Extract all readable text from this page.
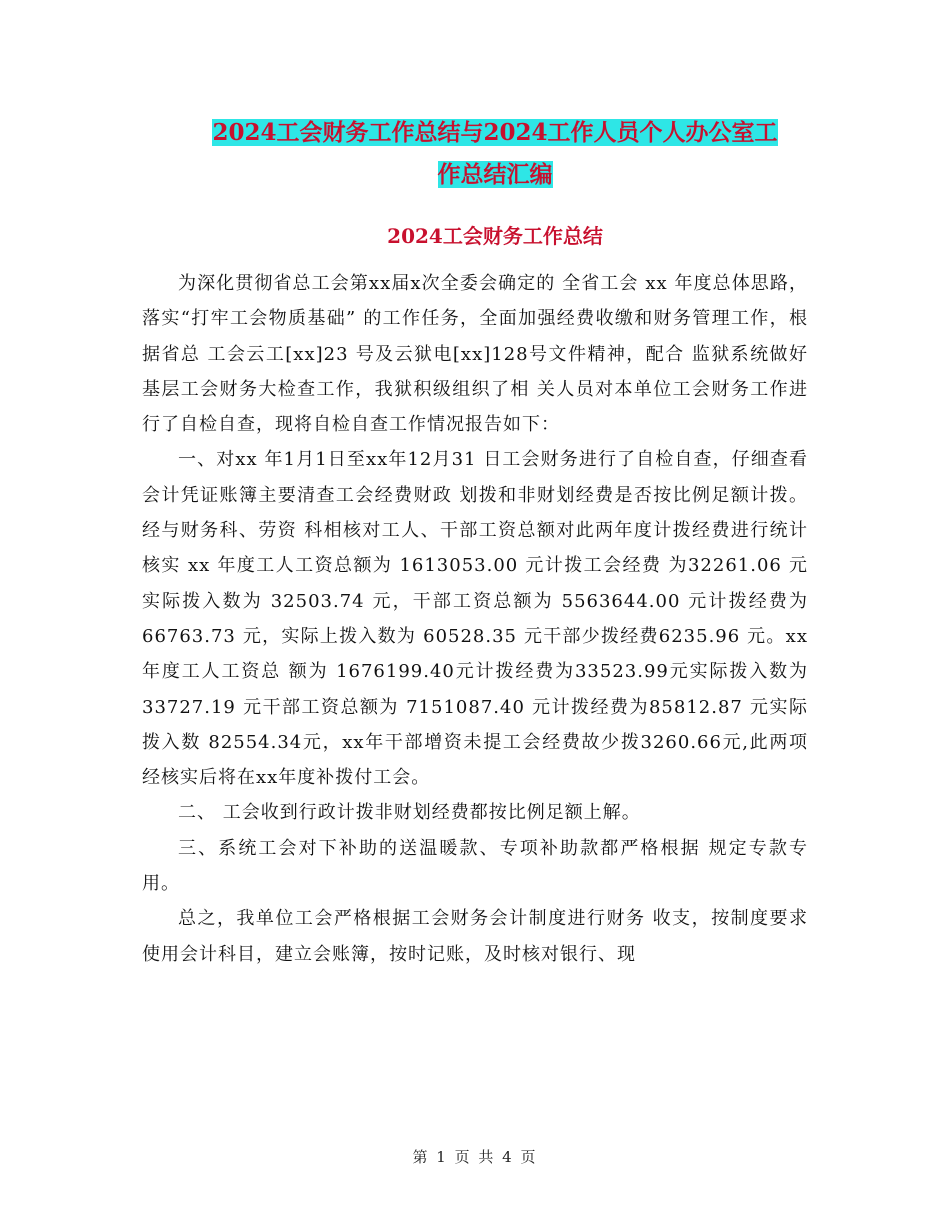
2024工会财务工作总结与2024工作人员个人办公室工
作总结汇编
2024工会财务工作总结

为深化贯彻省总工会第xx届x次全委会确定的 全省工会 xx 年度总体思路，落实“打牢工会物质基础” 的工作任务，全面加强经费收缴和财务管理工作，根据省总 工会云工[xx]23 号及云狱电[xx]128号文件精神，配合 监狱系统做好基层工会财务大检查工作，我狱积级组织了相 关人员对本单位工会财务工作进行了自检自查，现将自检自查工作情况报告如下：

一、对xx 年1月1日至xx年12月31 日工会财务进行了自检自查，仔细查看会计凭证账簿主要清查工会经费财政 划拨和非财划经费是否按比例足额计拨。经与财务科、劳资 科相核对工人、干部工资总额对此两年度计拨经费进行统计 核实 xx 年度工人工资总额为 1613053.00 元计拨工会经费 为32261.06 元实际拨入数为 32503.74 元，干部工资总额为 5563644.00 元计拨经费为 66763.73 元，实际上拨入数为 60528.35 元干部少拨经费6235.96 元。xx年度工人工资总 额为 1676199.40元计拨经费为33523.99元实际拨入数为 33727.19 元干部工资总额为 7151087.40 元计拨经费为85812.87 元实际拨入数 82554.34元，xx年干部增资未提工会经费故少拨3260.66元,此两项经核实后将在xx年度补拨付工会。

二、 工会收到行政计拨非财划经费都按比例足额上解。

三、系统工会对下补助的送温暖款、专项补助款都严格根据 规定专款专用。

总之，我单位工会严格根据工会财务会计制度进行财务 收支，按制度要求使用会计科目，建立会账簿，按时记账，及时核对银行、现

第 1 页 共 4 页
